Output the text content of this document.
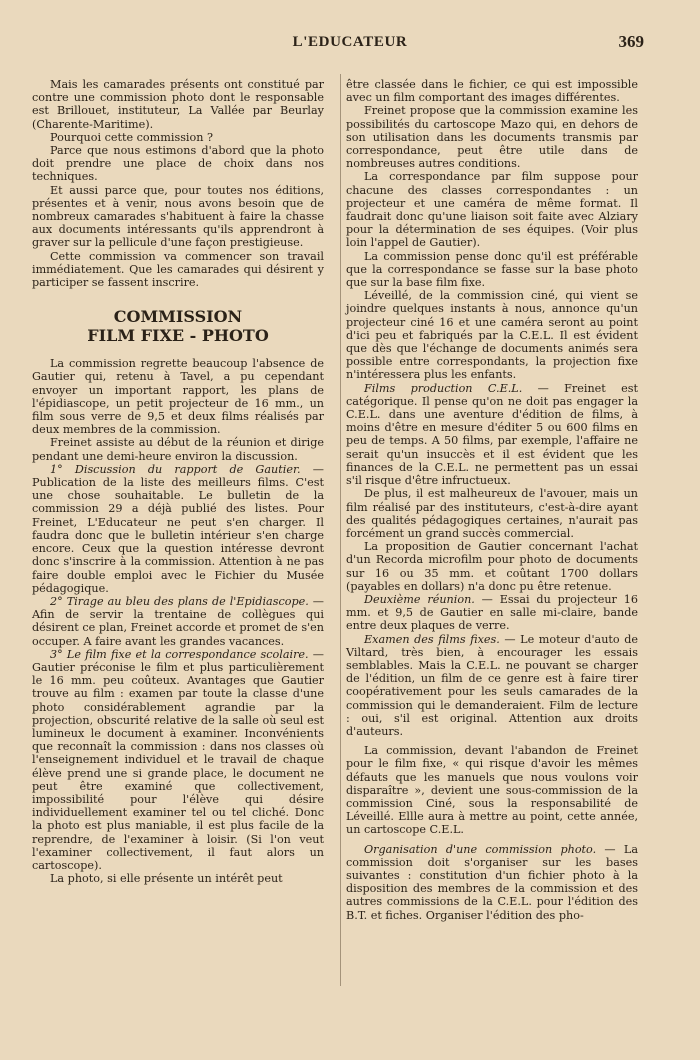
L'EDUCATEUR	369

Mais les camarades présents ont constitué par contre une commission photo dont le responsable est Brillouet, instituteur, La Vallée par Beurlay (Charente-Maritime).

Pourquoi cette commission ?

Parce que nous estimons d'abord que la photo doit prendre une place de choix dans nos techniques.

Et aussi parce que, pour toutes nos éditions, présentes et à venir, nous avons besoin que de nombreux camarades s'habituent à faire la chasse aux documents intéressants qu'ils apprendront à graver sur la pellicule d'une façon prestigieuse.

Cette commission va commencer son travail immédiatement. Que les camarades qui désirent y participer se fassent inscrire.

COMMISSION
FILM FIXE - PHOTO

La commission regrette beaucoup l'absence de Gautier qui, retenu à Tavel, a pu cependant envoyer un important rapport, les plans de l'épidiascope, un petit projecteur de 16 mm., un film sous verre de 9,5 et deux films réalisés par deux membres de la commission.

Freinet assiste au début de la réunion et dirige pendant une demi-heure environ la discussion.

1° Discussion du rapport de Gautier. — Publication de la liste des meilleurs films. C'est une chose souhaitable. Le bulletin de la commission 29 a déjà publié des listes. Pour Freinet, L'Educateur ne peut s'en charger. Il faudra donc que le bulletin intérieur s'en charge encore. Ceux que la question intéresse devront donc s'inscrire à la commission. Attention à ne pas faire double emploi avec le Fichier du Musée pédagogique.

2° Tirage au bleu des plans de l'Epidiascope. — Afin de servir la trentaine de collègues qui désirent ce plan, Freinet accorde et promet de s'en occuper. A faire avant les grandes vacances.

3° Le film fixe et la correspondance scolaire. — Gautier préconise le film et plus particulièrement le 16 mm. peu coûteux. Avantages que Gautier trouve au film : examen par toute la classe d'une photo considérablement agrandie par la projection, obscurité relative de la salle où seul est lumineux le document à examiner. Inconvénients que reconnaît la commission : dans nos classes où l'enseignement individuel et le travail de chaque élève prend une si grande place, le document ne peut être examiné que collectivement, impossibilité pour l'élève qui désire individuellement examiner tel ou tel cliché. Donc la photo est plus maniable, il est plus facile de la reprendre, de l'examiner à loisir. (Si l'on veut l'examiner collectivement, il faut alors un cartoscope).

La photo, si elle présente un intérêt peut

être classée dans le fichier, ce qui est impossible avec un film comportant des images différentes.

Freinet propose que la commission examine les possibilités du cartoscope Mazo qui, en dehors de son utilisation dans les documents transmis par correspondance, peut être utile dans de nombreuses autres conditions.

La correspondance par film suppose pour chacune des classes correspondantes : un projecteur et une caméra de même format. Il faudrait donc qu'une liaison soit faite avec Alziary pour la détermination de ses équipes. (Voir plus loin l'appel de Gautier).

La commission pense donc qu'il est préférable que la correspondance se fasse sur la base photo que sur la base film fixe.

Léveillé, de la commission ciné, qui vient se joindre quelques instants à nous, annonce qu'un projecteur ciné 16 et une caméra seront au point d'ici peu et fabriqués par la C.E.L. Il est évident que dès que l'échange de documents animés sera possible entre correspondants, la projection fixe n'intéressera plus les enfants.

Films production C.E.L. — Freinet est catégorique. Il pense qu'on ne doit pas engager la C.E.L. dans une aventure d'édition de films, à moins d'être en mesure d'éditer 5 ou 600 films en peu de temps. A 50 films, par exemple, l'affaire ne serait qu'un insuccès et il est évident que les finances de la C.E.L. ne permettent pas un essai s'il risque d'être infructueux.

De plus, il est malheureux de l'avouer, mais un film réalisé par des instituteurs, c'est-à-dire ayant des qualités pédagogiques certaines, n'aurait pas forcément un grand succès commercial.

La proposition de Gautier concernant l'achat d'un Recorda microfilm pour photo de documents sur 16 ou 35 mm. et coûtant 1700 dollars (payables en dollars) n'a donc pu être retenue.

Deuxième réunion. — Essai du projecteur 16 mm. et 9,5 de Gautier en salle mi-claire, bande entre deux plaques de verre.

Examen des films fixes. — Le moteur d'auto de Viltard, très bien, à encourager les essais semblables. Mais la C.E.L. ne pouvant se charger de l'édition, un film de ce genre est à faire tirer coopérativement pour les seuls camarades de la commission qui le demanderaient. Film de lecture : oui, s'il est original. Attention aux droits d'auteurs.

La commission, devant l'abandon de Freinet pour le film fixe, « qui risque d'avoir les mêmes défauts que les manuels que nous voulons voir disparaître », devient une sous-commission de la commission Ciné, sous la responsabilité de Léveillé. Ellle aura à mettre au point, cette année, un cartoscope C.E.L.

Organisation d'une commission photo. — La commission doit s'organiser sur les bases suivantes : constitution d'un fichier photo à la disposition des membres de la commission et des autres commissions de la C.E.L. pour l'édition des B.T. et fiches. Organiser l'édition des pho-
